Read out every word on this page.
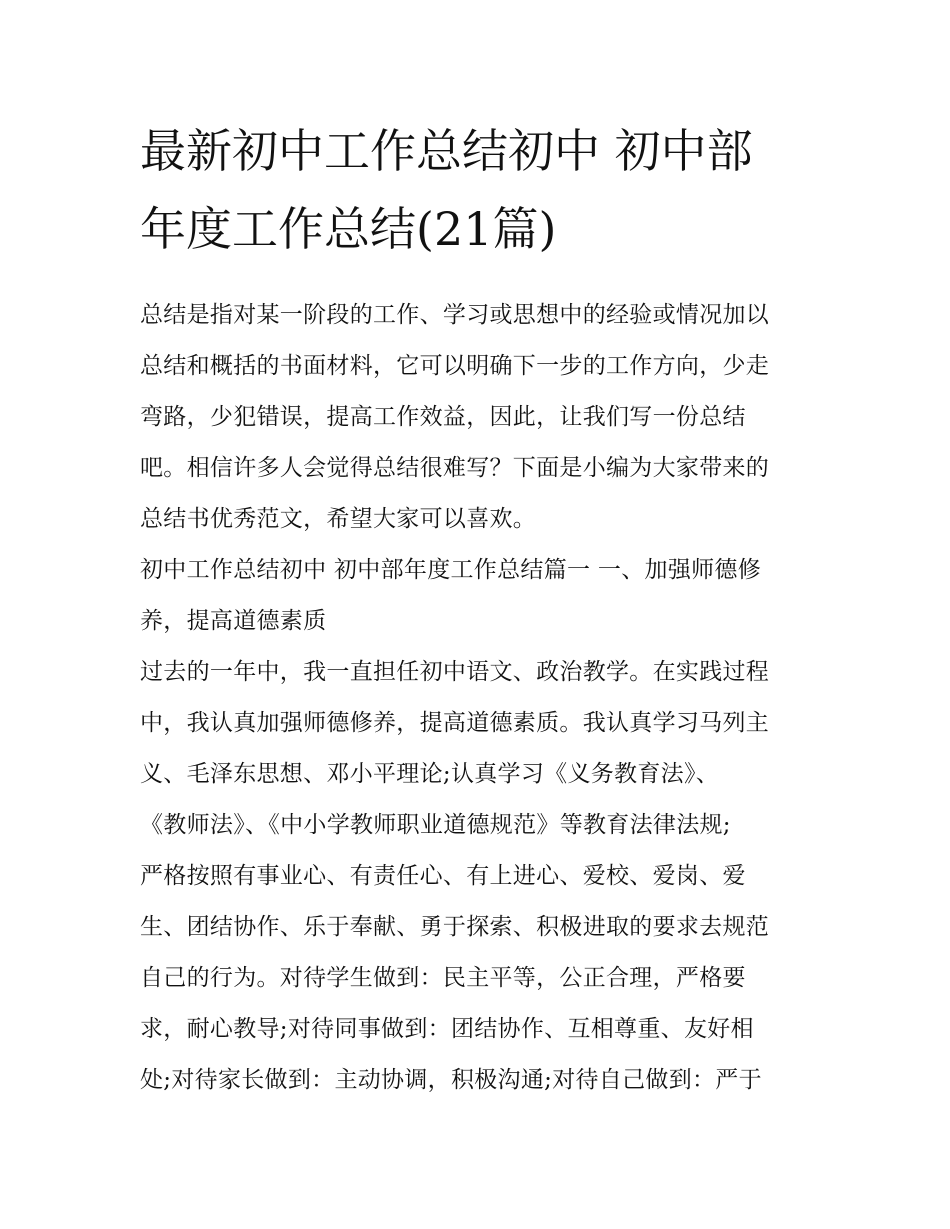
最新初中工作总结初中 初中部
年度工作总结(21篇)
总结是指对某一阶段的工作、学习或思想中的经验或情况加以
总结和概括的书面材料，它可以明确下一步的工作方向，少走
弯路，少犯错误，提高工作效益，因此，让我们写一份总结
吧。相信许多人会觉得总结很难写？下面是小编为大家带来的
总结书优秀范文，希望大家可以喜欢。
初中工作总结初中 初中部年度工作总结篇一 一、加强师德修
养，提高道德素质
过去的一年中，我一直担任初中语文、政治教学。在实践过程
中，我认真加强师德修养，提高道德素质。我认真学习马列主
义、毛泽东思想、邓小平理论;认真学习《义务教育法》、
《教师法》、《中小学教师职业道德规范》等教育法律法规;
严格按照有事业心、有责任心、有上进心、爱校、爱岗、爱
生、团结协作、乐于奉献、勇于探索、积极进取的要求去规范
自己的行为。对待学生做到：民主平等，公正合理，严格要
求，耐心教导;对待同事做到：团结协作、互相尊重、友好相
处;对待家长做到：主动协调，积极沟通;对待自己做到：严于
